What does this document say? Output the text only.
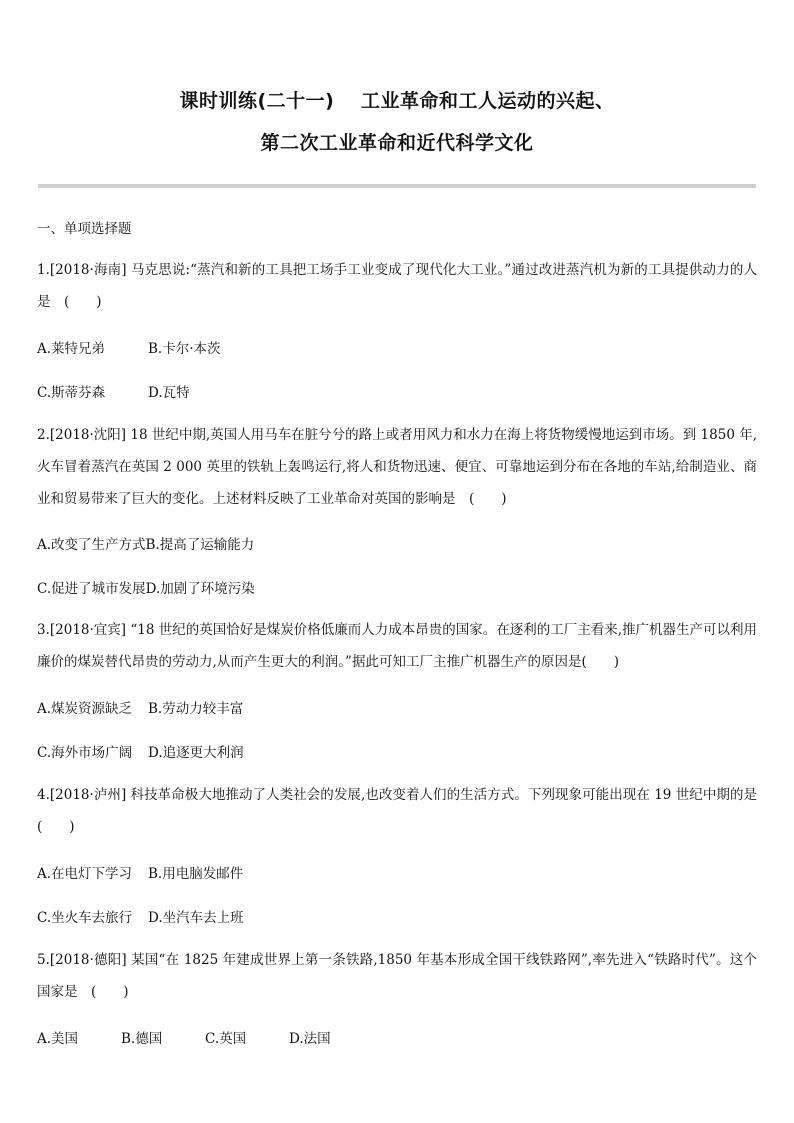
课时训练(二十一)　 工业革命和工人运动的兴起、
第二次工业革命和近代科学文化
一、单项选择题
1.[2018·海南] 马克思说:“蒸汽和新的工具把工场手工业变成了现代化大工业。”通过改进蒸汽机为新的工具提供动力的人是　(　　)
A.莱特兄弟	B.卡尔·本茨
C.斯蒂芬森	D.瓦特
2.[2018·沈阳] 18 世纪中期,英国人用马车在脏兮兮的路上或者用风力和水力在海上将货物缓慢地运到市场。到 1850 年,火车冒着蒸汽在英国 2 000 英里的铁轨上轰鸣运行,将人和货物迅速、便宜、可靠地运到分布在各地的车站,给制造业、商业和贸易带来了巨大的变化。上述材料反映了工业革命对英国的影响是　(　　)
A.改变了生产方式B.提高了运输能力
C.促进了城市发展D.加剧了环境污染
3.[2018·宜宾] “18 世纪的英国恰好是煤炭价格低廉而人力成本昂贵的国家。在逐利的工厂主看来,推广机器生产可以利用廉价的煤炭替代昂贵的劳动力,从而产生更大的利润。”据此可知工厂主推广机器生产的原因是(　　)
A.煤炭资源缺乏 B.劳动力较丰富
C.海外市场广阔 D.追逐更大利润
4.[2018·泸州] 科技革命极大地推动了人类社会的发展,也改变着人们的生活方式。下列现象可能出现在 19 世纪中期的是　(　　)
A.在电灯下学习 B.用电脑发邮件
C.坐火车去旅行 D.坐汽车去上班
5.[2018·德阳] 某国“在 1825 年建成世界上第一条铁路,1850 年基本形成全国干线铁路网”,率先进入“铁路时代”。这个国家是　(　　)
A.美国	B.德国	C.英国	D.法国
